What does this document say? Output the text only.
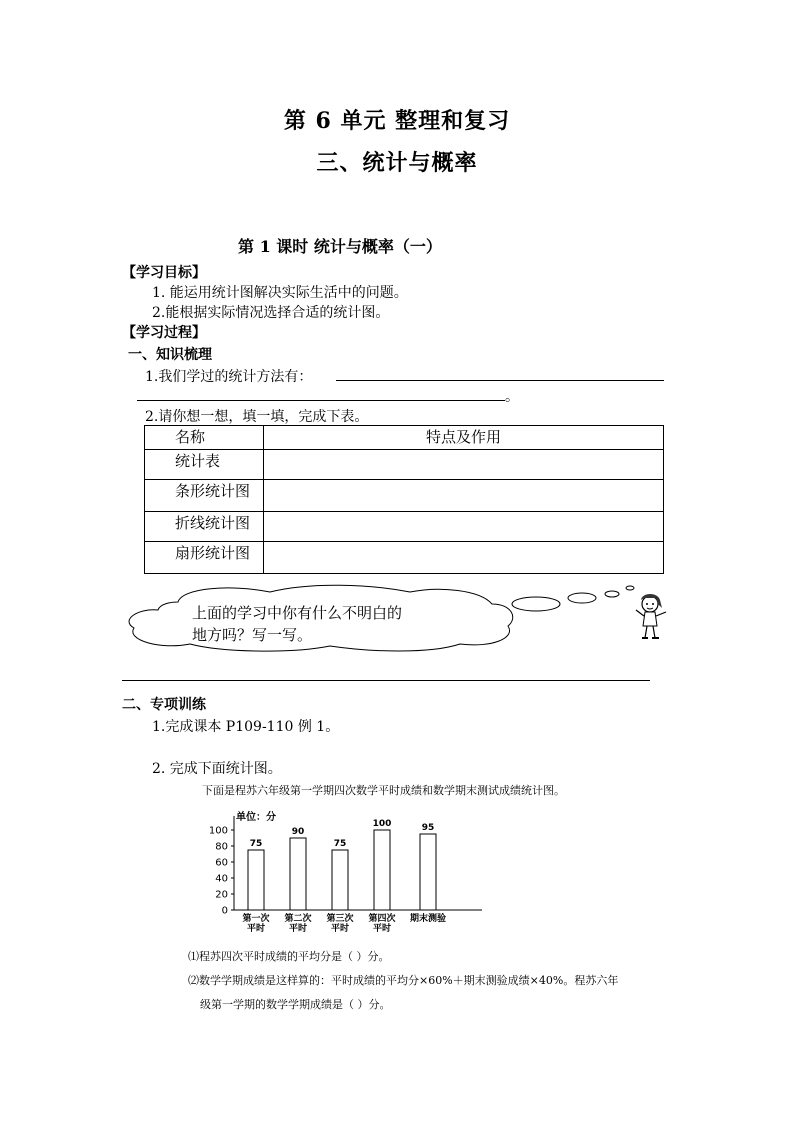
第 6 单元 整理和复习
三、统计与概率
第 1 课时 统计与概率（一）
【学习目标】
1. 能运用统计图解决实际生活中的问题。
2.能根据实际情况选择合适的统计图。
【学习过程】
一、知识梳理
1.我们学过的统计方法有：
。
2.请你想一想，填一填，完成下表。
名称	特点及作用
统计表	
条形统计图	
折线统计图	
扇形统计图	
上面的学习中你有什么不明白的
地方吗？写一写。
二、专项训练
1.完成课本 P109-110 例 1。
2. 完成下面统计图。
下面是程苏六年级第一学期四次数学平时成绩和数学期末测试成绩统计图。
单位：分
0
20
40
60
80
100
75
第一次
平时
90
第二次
平时
75
第三次
平时
100
第四次
平时
95
期末测验
⑴程苏四次平时成绩的平均分是（ ）分。
⑵数学学期成绩是这样算的：平时成绩的平均分×60%＋期末测验成绩×40%。程苏六年
级第一学期的数学学期成绩是（ ）分。
